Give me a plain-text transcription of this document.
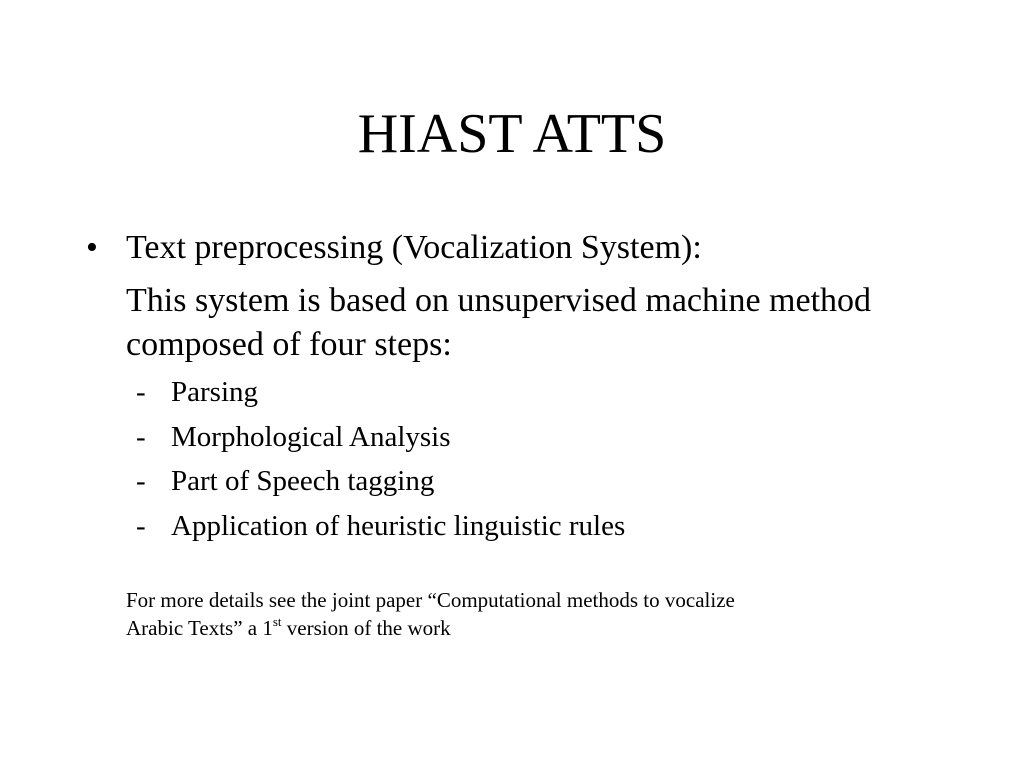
HIAST ATTS
• Text preprocessing (Vocalization System):
This system is based on unsupervised machine method composed of four steps:
- Parsing
- Morphological Analysis
- Part of Speech tagging
- Application of heuristic linguistic rules
For more details see the joint paper “Computational methods to vocalize
Arabic Texts” a 1st version of the work
